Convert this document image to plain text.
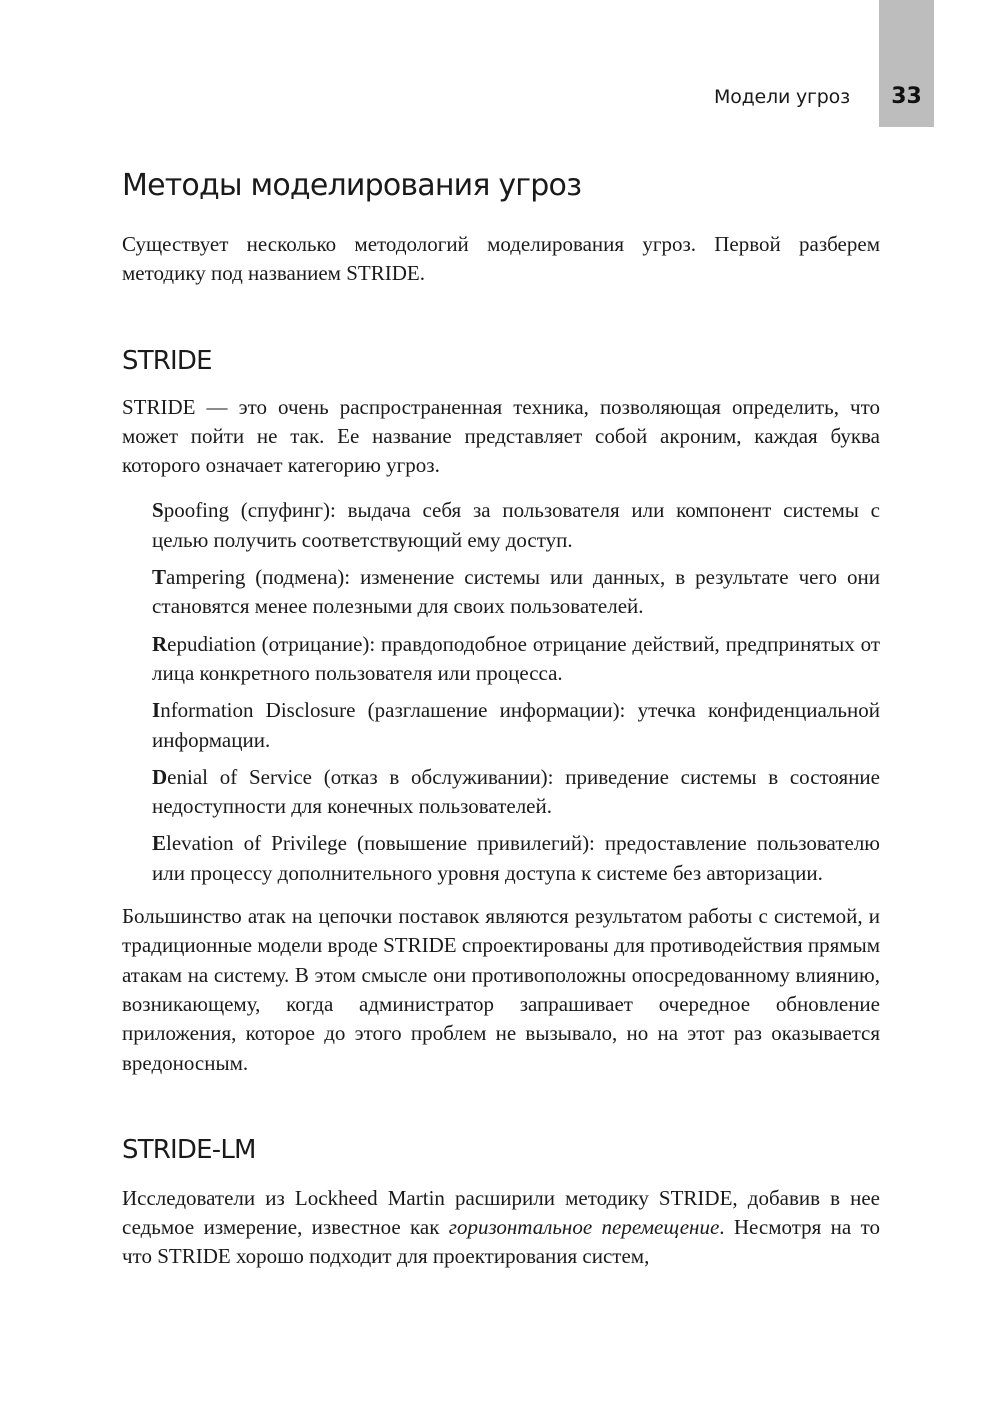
Модели угроз	33
Методы моделирования угроз

Существует несколько методологий моделирования угроз. Первой разберем методику под названием STRIDE.

STRIDE

STRIDE — это очень распространенная техника, позволяющая определить, что может пойти не так. Ее название представляет собой акроним, каждая буква которого означает категорию угроз.

Spoofing (спуфинг): выдача себя за пользователя или компонент системы с целью получить соответствующий ему доступ.

Tampering (подмена): изменение системы или данных, в результате чего они становятся менее полезными для своих пользователей.

Repudiation (отрицание): правдоподобное отрицание действий, предпринятых от лица конкретного пользователя или процесса.

Information Disclosure (разглашение информации): утечка конфиденциальной информации.

Denial of Service (отказ в обслуживании): приведение системы в состояние недоступности для конечных пользователей.

Elevation of Privilege (повышение привилегий): предоставление пользователю или процессу дополнительного уровня доступа к системе без авторизации.

Большинство атак на цепочки поставок являются результатом работы с системой, и традиционные модели вроде STRIDE спроектированы для противодействия прямым атакам на систему. В этом смысле они противоположны опосредованному влиянию, возникающему, когда администратор запрашивает очередное обновление приложения, которое до этого проблем не вызывало, но на этот раз оказывается вредоносным.

STRIDE-LM

Исследователи из Lockheed Martin расширили методику STRIDE, добавив в нее седьмое измерение, известное как горизонтальное перемещение. Несмотря на то что STRIDE хорошо подходит для проектирования систем,
